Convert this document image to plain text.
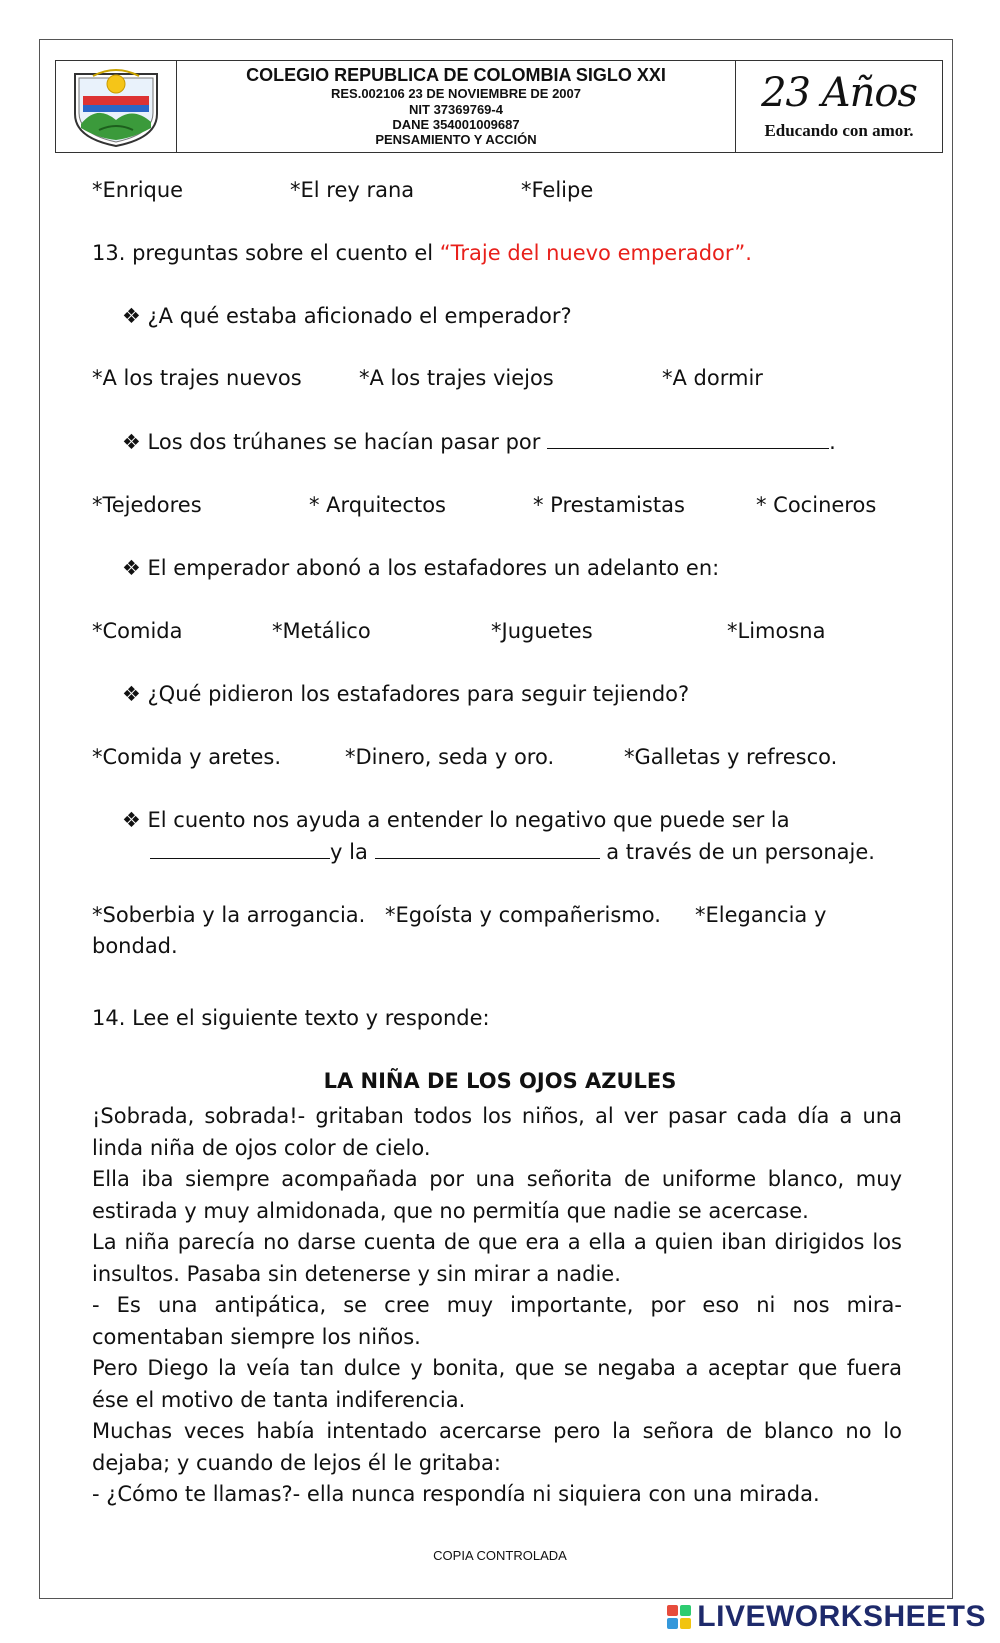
COLEGIO REPUBLICA DE COLOMBIA SIGLO XXI
RES.002106 23 DE NOVIEMBRE DE 2007
NIT 37369769-4
DANE 354001009687
PENSAMIENTO Y ACCIÓN
23 Años
Educando con amor.
*Enrique	*El rey rana	*Felipe
13. preguntas sobre el cuento el “Traje del nuevo emperador”.
❖ ¿A qué estaba aficionado el emperador?
*A los trajes nuevos	*A los trajes viejos	*A dormir
❖ Los dos trúhanes se hacían pasar por	.
*Tejedores	* Arquitectos	* Prestamistas	* Cocineros
❖ El emperador abonó a los estafadores un adelanto en:
*Comida	*Metálico	*Juguetes	*Limosna
❖ ¿Qué pidieron los estafadores para seguir tejiendo?
*Comida y aretes.	*Dinero, seda y oro.	*Galletas y refresco.
❖ El cuento nos ayuda a entender lo negativo que puede ser la
y la	a través de un personaje.
*Soberbia y la arrogancia. *Egoísta y compañerismo. *Elegancia y
bondad.
14. Lee el siguiente texto y responde:
LA NIÑA DE LOS OJOS AZULES

¡Sobrada, sobrada!- gritaban todos los niños, al ver pasar cada día a una linda niña de ojos color de cielo.

Ella iba siempre acompañada por una señorita de uniforme blanco, muy estirada y muy almidonada, que no permitía que nadie se acercase.

La niña parecía no darse cuenta de que era a ella a quien iban dirigidos los insultos. Pasaba sin detenerse y sin mirar a nadie.

- Es una antipática, se cree muy importante, por eso ni nos mira- comentaban siempre los niños.

Pero Diego la veía tan dulce y bonita, que se negaba a aceptar que fuera ése el motivo de tanta indiferencia.

Muchas veces había intentado acercarse pero la señora de blanco no lo dejaba; y cuando de lejos él le gritaba:

- ¿Cómo te llamas?- ella nunca respondía ni siquiera con una mirada.

COPIA CONTROLADA
LIVEWORKSHEETS
